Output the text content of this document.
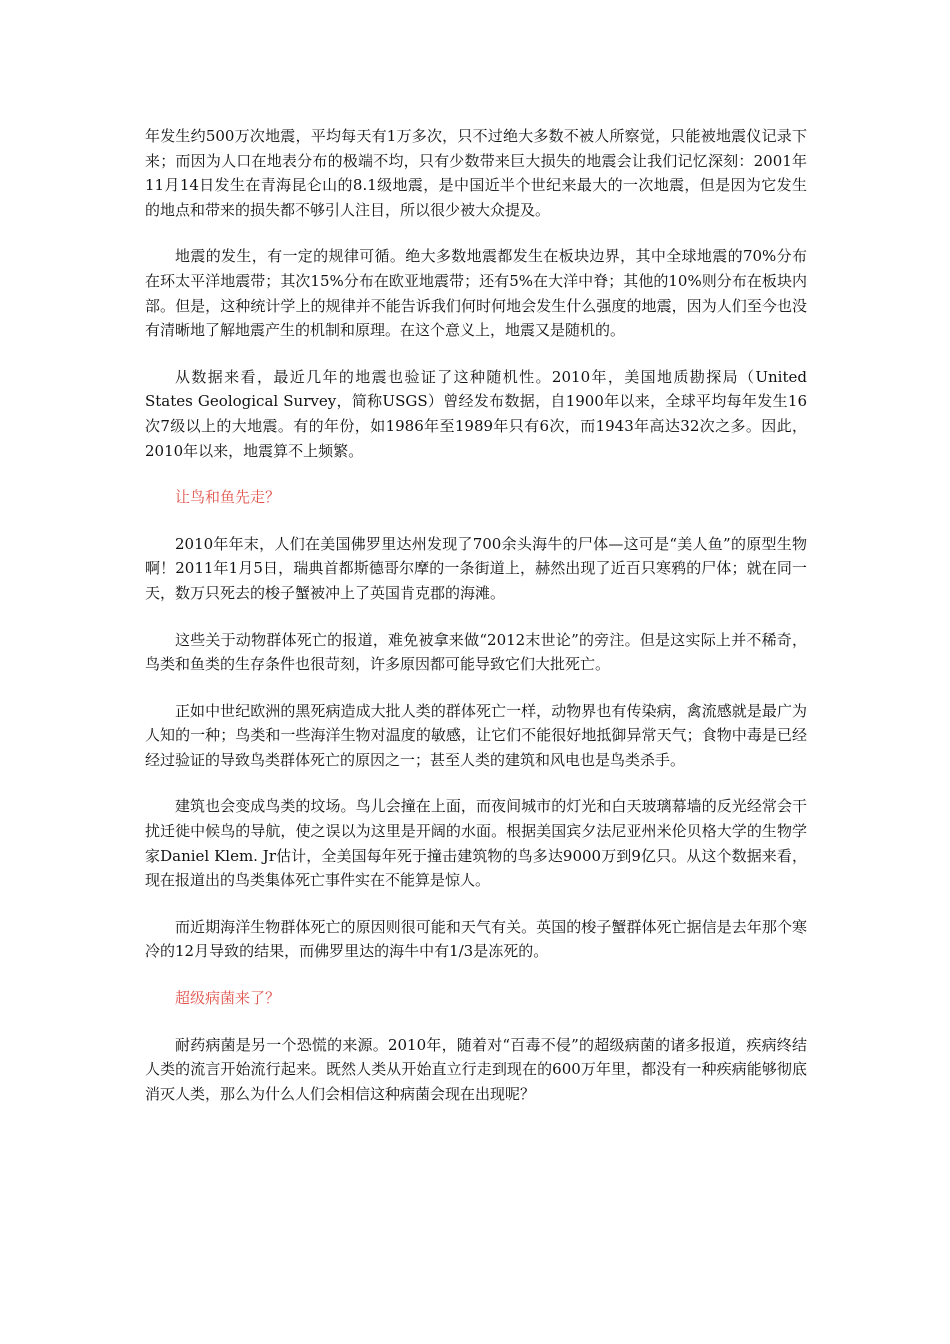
年发生约500万次地震，平均每天有1万多次，只不过绝大多数不被人所察觉，只能被地震仪记录下来；而因为人口在地表分布的极端不均，只有少数带来巨大损失的地震会让我们记忆深刻：2001年11月14日发生在青海昆仑山的8.1级地震，是中国近半个世纪来最大的一次地震，但是因为它发生的地点和带来的损失都不够引人注目，所以很少被大众提及。

地震的发生，有一定的规律可循。绝大多数地震都发生在板块边界，其中全球地震的70%分布在环太平洋地震带；其次15%分布在欧亚地震带；还有5%在大洋中脊；其他的10%则分布在板块内部。但是，这种统计学上的规律并不能告诉我们何时何地会发生什么强度的地震，因为人们至今也没有清晰地了解地震产生的机制和原理。在这个意义上，地震又是随机的。

从数据来看，最近几年的地震也验证了这种随机性。2010年，美国地质勘探局（United States Geological Survey，简称USGS）曾经发布数据，自1900年以来，全球平均每年发生16次7级以上的大地震。有的年份，如1986年至1989年只有6次，而1943年高达32次之多。因此，2010年以来，地震算不上频繁。

让鸟和鱼先走？

2010年年末，人们在美国佛罗里达州发现了700余头海牛的尸体—这可是“美人鱼”的原型生物啊！2011年1月5日，瑞典首都斯德哥尔摩的一条街道上，赫然出现了近百只寒鸦的尸体；就在同一天，数万只死去的梭子蟹被冲上了英国肯克郡的海滩。

这些关于动物群体死亡的报道，难免被拿来做“2012末世论”的旁注。但是这实际上并不稀奇，鸟类和鱼类的生存条件也很苛刻，许多原因都可能导致它们大批死亡。

正如中世纪欧洲的黑死病造成大批人类的群体死亡一样，动物界也有传染病，禽流感就是最广为人知的一种；鸟类和一些海洋生物对温度的敏感，让它们不能很好地抵御异常天气；食物中毒是已经经过验证的导致鸟类群体死亡的原因之一；甚至人类的建筑和风电也是鸟类杀手。

建筑也会变成鸟类的坟场。鸟儿会撞在上面，而夜间城市的灯光和白天玻璃幕墙的反光经常会干扰迁徙中候鸟的导航，使之误以为这里是开阔的水面。根据美国宾夕法尼亚州米伦贝格大学的生物学家Daniel Klem. Jr估计，全美国每年死于撞击建筑物的鸟多达9000万到9亿只。从这个数据来看，现在报道出的鸟类集体死亡事件实在不能算是惊人。

而近期海洋生物群体死亡的原因则很可能和天气有关。英国的梭子蟹群体死亡据信是去年那个寒冷的12月导致的结果，而佛罗里达的海牛中有1/3是冻死的。

超级病菌来了？

耐药病菌是另一个恐慌的来源。2010年，随着对“百毒不侵”的超级病菌的诸多报道，疾病终结人类的流言开始流行起来。既然人类从开始直立行走到现在的600万年里，都没有一种疾病能够彻底消灭人类，那么为什么人们会相信这种病菌会现在出现呢？
